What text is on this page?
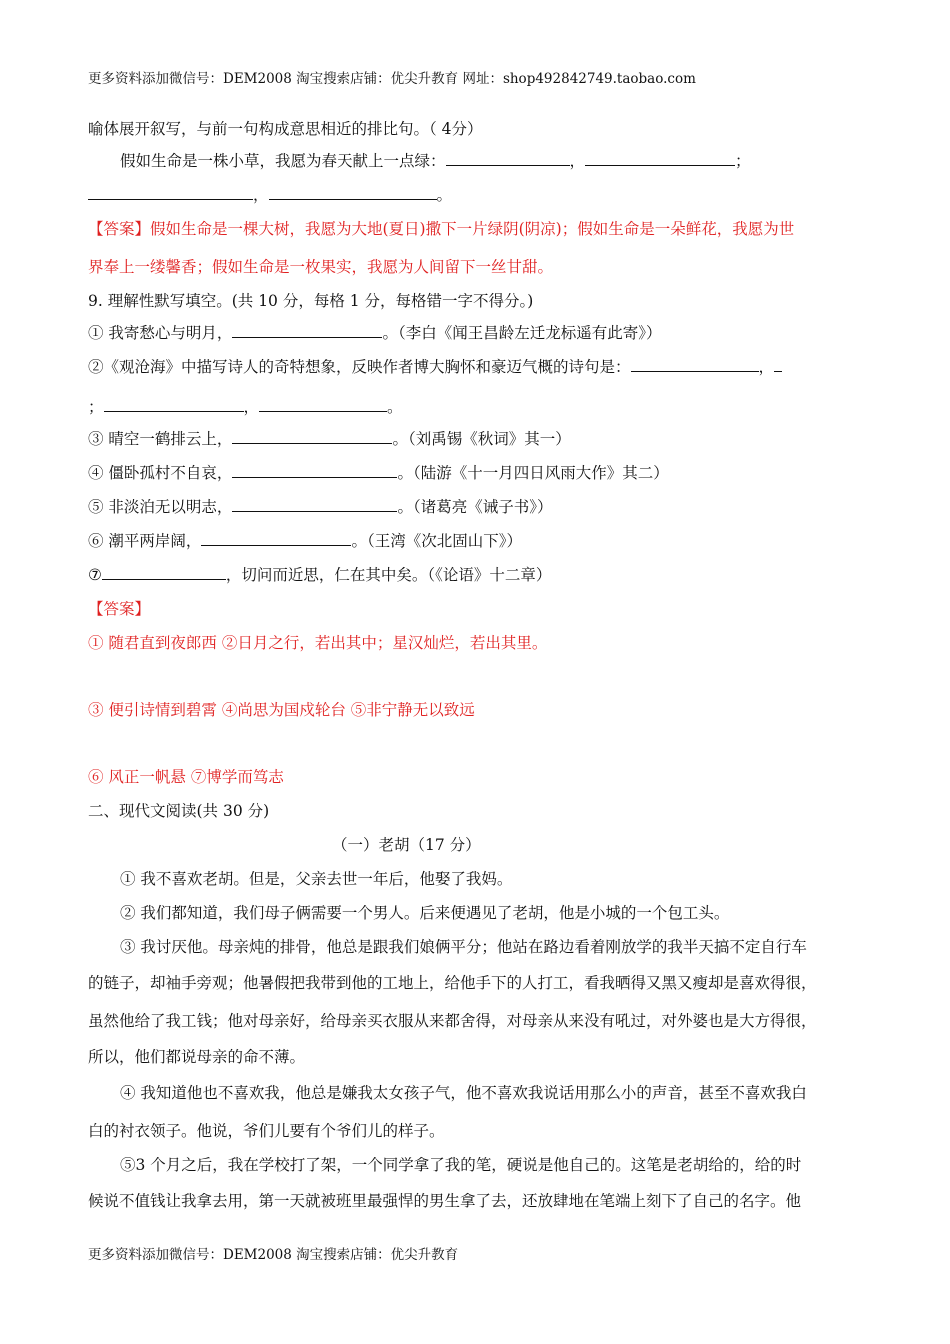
更多资料添加微信号：DEM2008 淘宝搜索店铺：优尖升教育 网址：shop492842749.taobao.com
喻体展开叙写，与前一句构成意思相近的排比句。（ 4分）
假如生命是一株小草，我愿为春天献上一点绿：	，	；
，	。
【答案】假如生命是一棵大树，我愿为大地(夏日)撒下一片绿阴(阴凉)；假如生命是一朵鲜花，我愿为世
界奉上一缕馨香；假如生命是一枚果实，我愿为人间留下一丝甘甜。
9. 理解性默写填空。(共 10 分，每格 1 分，每格错一字不得分。)
① 我寄愁心与明月，	。（李白《闻王昌龄左迁龙标遥有此寄》）
②《观沧海》中描写诗人的奇特想象，反映作者博大胸怀和豪迈气概的诗句是：	，
；	，	。
③ 晴空一鹤排云上，	。（刘禹锡《秋词》其一）
④ 僵卧孤村不自哀，	。（陆游《十一月四日风雨大作》其二）
⑤ 非淡泊无以明志，	。（诸葛亮《诫子书》）
⑥ 潮平两岸阔，	。（王湾《次北固山下》）
⑦	，切问而近思，仁在其中矣。（《论语》十二章）
【答案】
① 随君直到夜郎西 ②日月之行，若出其中；星汉灿烂，若出其里。
③ 便引诗情到碧霄 ④尚思为国戍轮台 ⑤非宁静无以致远
⑥ 风正一帆悬 ⑦博学而笃志
二、现代文阅读(共 30 分)
（一）老胡（17 分）
① 我不喜欢老胡。但是，父亲去世一年后，他娶了我妈。
② 我们都知道，我们母子俩需要一个男人。后来便遇见了老胡，他是小城的一个包工头。
③ 我讨厌他。母亲炖的排骨，他总是跟我们娘俩平分；他站在路边看着刚放学的我半天搞不定自行车
的链子，却袖手旁观；他暑假把我带到他的工地上，给他手下的人打工，看我晒得又黑又瘦却是喜欢得很，
虽然他给了我工钱；他对母亲好，给母亲买衣服从来都舍得，对母亲从来没有吼过，对外婆也是大方得很，
所以，他们都说母亲的命不薄。
④ 我知道他也不喜欢我，他总是嫌我太女孩子气，他不喜欢我说话用那么小的声音，甚至不喜欢我白
白的衬衣领子。他说，爷们儿要有个爷们儿的样子。
⑤3 个月之后，我在学校打了架，一个同学拿了我的笔，硬说是他自己的。这笔是老胡给的，给的时
候说不值钱让我拿去用，第一天就被班里最强悍的男生拿了去，还放肆地在笔端上刻下了自己的名字。他
更多资料添加微信号：DEM2008 淘宝搜索店铺：优尖升教育
